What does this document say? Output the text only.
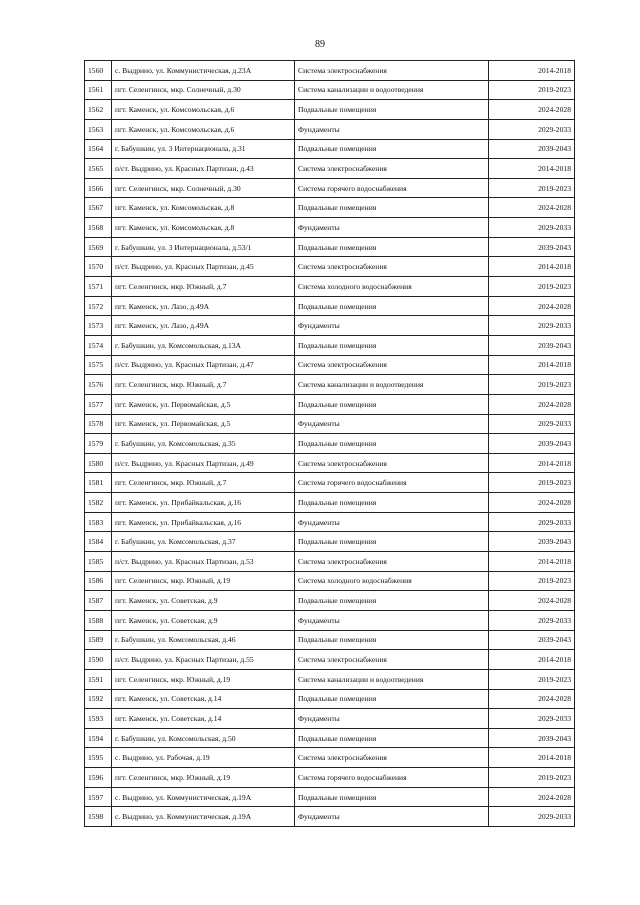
89
1560	с. Выдрино, ул. Коммунистическая, д.23А	Система электроснабжения	2014-2018
1561	пгт. Селенгинск, мкр. Солнечный, д.30	Система канализации и водоотведения	2019-2023
1562	пгт. Каменск, ул. Комсомольская, д.6	Подвальные помещения	2024-2028
1563	пгт. Каменск, ул. Комсомольская, д.6	Фундаменты	2029-2033
1564	г. Бабушкин, ул. 3 Интернационала, д.31	Подвальные помещения	2039-2043
1565	п/ст. Выдрино, ул. Красных Партизан, д.43	Система электроснабжения	2014-2018
1566	пгт. Селенгинск, мкр. Солнечный, д.30	Система горячего водоснабжения	2019-2023
1567	пгт. Каменск, ул. Комсомольская, д.8	Подвальные помещения	2024-2028
1568	пгт. Каменск, ул. Комсомольская, д.8	Фундаменты	2029-2033
1569	г. Бабушкин, ул. 3 Интернационала, д.53/1	Подвальные помещения	2039-2043
1570	п/ст. Выдрино, ул. Красных Партизан, д.45	Система электроснабжения	2014-2018
1571	пгт. Селенгинск, мкр. Южный, д.7	Система холодного водоснабжения	2019-2023
1572	пгт. Каменск, ул. Лазо, д.49А	Подвальные помещения	2024-2028
1573	пгт. Каменск, ул. Лазо, д.49А	Фундаменты	2029-2033
1574	г. Бабушкин, ул. Комсомольская, д.13А	Подвальные помещения	2039-2043
1575	п/ст. Выдрино, ул. Красных Партизан, д.47	Система электроснабжения	2014-2018
1576	пгт. Селенгинск, мкр. Южный, д.7	Система канализации и водоотведения	2019-2023
1577	пгт. Каменск, ул. Первомайская, д.5	Подвальные помещения	2024-2028
1578	пгт. Каменск, ул. Первомайская, д.5	Фундаменты	2029-2033
1579	г. Бабушкин, ул. Комсомольская, д.35	Подвальные помещения	2039-2043
1580	п/ст. Выдрино, ул. Красных Партизан, д.49	Система электроснабжения	2014-2018
1581	пгт. Селенгинск, мкр. Южный, д.7	Система горячего водоснабжения	2019-2023
1582	пгт. Каменск, ул. Прибайкальская, д.16	Подвальные помещения	2024-2028
1583	пгт. Каменск, ул. Прибайкальская, д.16	Фундаменты	2029-2033
1584	г. Бабушкин, ул. Комсомольская, д.37	Подвальные помещения	2039-2043
1585	п/ст. Выдрино, ул. Красных Партизан, д.53	Система электроснабжения	2014-2018
1586	пгт. Селенгинск, мкр. Южный, д.19	Система холодного водоснабжения	2019-2023
1587	пгт. Каменск, ул. Советская, д.9	Подвальные помещения	2024-2028
1588	пгт. Каменск, ул. Советская, д.9	Фундаменты	2029-2033
1589	г. Бабушкин, ул. Комсомольская, д.46	Подвальные помещения	2039-2043
1590	п/ст. Выдрино, ул. Красных Партизан, д.55	Система электроснабжения	2014-2018
1591	пгт. Селенгинск, мкр. Южный, д.19	Система канализации и водоотведения	2019-2023
1592	пгт. Каменск, ул. Советская, д.14	Подвальные помещения	2024-2028
1593	пгт. Каменск, ул. Советская, д.14	Фундаменты	2029-2033
1594	г. Бабушкин, ул. Комсомольская, д.50	Подвальные помещения	2039-2043
1595	с. Выдрино, ул. Рабочая, д.19	Система электроснабжения	2014-2018
1596	пгт. Селенгинск, мкр. Южный, д.19	Система горячего водоснабжения	2019-2023
1597	с. Выдрино, ул. Коммунистическая, д.19А	Подвальные помещения	2024-2028
1598	с. Выдрино, ул. Коммунистическая, д.19А	Фундаменты	2029-2033
